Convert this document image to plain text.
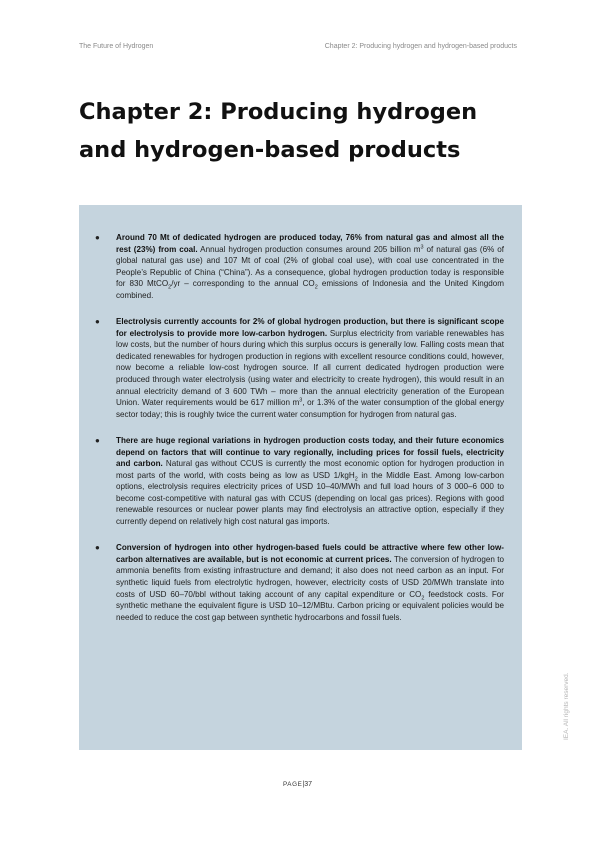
The Future of Hydrogen	Chapter 2: Producing hydrogen and hydrogen-based products
Chapter 2: Producing hydrogen and hydrogen-based products
● Around 70 Mt of dedicated hydrogen are produced today, 76% from natural gas and almost all the rest (23%) from coal. Annual hydrogen production consumes around 205 billion $m^3$ of natural gas (6% of global natural gas use) and 107 Mt of coal (2% of global coal use), with coal use concentrated in the People’s Republic of China (“China”). As a consequence, global hydrogen production today is responsible for 830 MtCO$_2$/yr – corresponding to the annual $CO_2$ emissions of Indonesia and the United Kingdom combined.
● Electrolysis currently accounts for 2% of global hydrogen production, but there is significant scope for electrolysis to provide more low-carbon hydrogen. Surplus electricity from variable renewables has low costs, but the number of hours during which this surplus occurs is generally low. Falling costs mean that dedicated renewables for hydrogen production in regions with excellent resource conditions could, however, now become a reliable low-cost hydrogen source. If all current dedicated hydrogen production were produced through water electrolysis (using water and electricity to create hydrogen), this would result in an annual electricity demand of 3 600 TWh – more than the annual electricity generation of the European Union. Water requirements would be 617 million $m^3$, or 1.3% of the water consumption of the global energy sector today; this is roughly twice the current water consumption for hydrogen from natural gas.
● There are huge regional variations in hydrogen production costs today, and their future economics depend on factors that will continue to vary regionally, including prices for fossil fuels, electricity and carbon. Natural gas without CCUS is currently the most economic option for hydrogen production in most parts of the world, with costs being as low as USD 1/kgH$_2$ in the Middle East. Among low-carbon options, electrolysis requires electricity prices of USD 10–40/MWh and full load hours of 3 000–6 000 to become cost-competitive with natural gas with CCUS (depending on local gas prices). Regions with good renewable resources or nuclear power plants may find electrolysis an attractive option, especially if they currently depend on relatively high cost natural gas imports.
● Conversion of hydrogen into other hydrogen-based fuels could be attractive where few other low-carbon alternatives are available, but is not economic at current prices. The conversion of hydrogen to ammonia benefits from existing infrastructure and demand; it also does not need carbon as an input. For synthetic liquid fuels from electrolytic hydrogen, however, electricity costs of USD 20/MWh translate into costs of USD 60–70/bbl without taking account of any capital expenditure or $CO_2$ feedstock costs. For synthetic methane the equivalent figure is USD 10–12/MBtu. Carbon pricing or equivalent policies would be needed to reduce the cost gap between synthetic hydrocarbons and fossil fuels.
PAGE|37
IEA. All rights reserved.
